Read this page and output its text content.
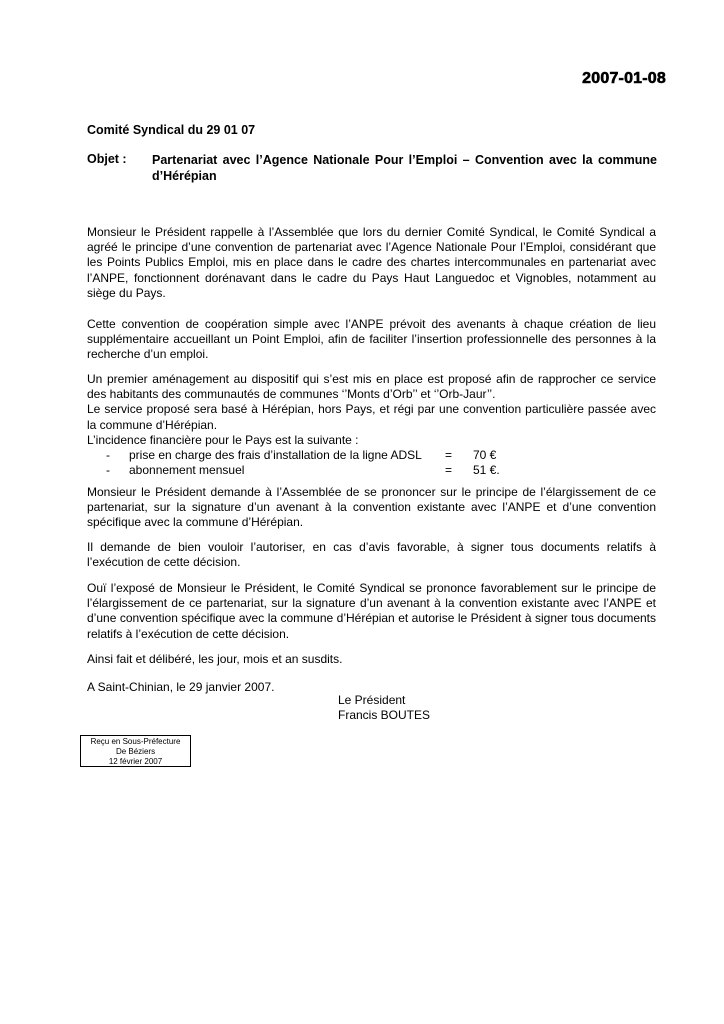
2007-01-08
Comité Syndical du 29 01 07
Objet : Partenariat avec l’Agence Nationale Pour l’Emploi – Convention avec la commune d’Hérépian
Monsieur le Président rappelle à l’Assemblée que lors du dernier Comité Syndical, le Comité Syndical a agréé le principe d’une convention de partenariat avec l’Agence Nationale Pour l’Emploi, considérant que les Points Publics Emploi, mis en place dans le cadre des chartes intercommunales en partenariat avec l’ANPE, fonctionnent dorénavant dans le cadre du Pays Haut Languedoc et Vignobles, notamment au siège du Pays.
Cette convention de coopération simple avec l’ANPE prévoit des avenants à chaque création de lieu supplémentaire accueillant un Point Emploi, afin de faciliter l’insertion professionnelle des personnes à la recherche d’un emploi.
Un premier aménagement au dispositif qui s’est mis en place est proposé afin de rapprocher ce service des habitants des communautés de communes ‘’Monts d’Orb’’ et ‘’Orb-Jaur’’.
Le service proposé sera basé à Hérépian, hors Pays, et régi par une convention particulière passée avec la commune d’Hérépian.
L’incidence financière pour le Pays est la suivante :
- prise en charge des frais d’installation de la ligne ADSL = 70 €
- abonnement mensuel	= 51 €.
Monsieur le Président demande à l’Assemblée de se prononcer sur le principe de l’élargissement de ce partenariat, sur la signature d’un avenant à la convention existante avec l’ANPE et d’une convention spécifique avec la commune d’Hérépian.
Il demande de bien vouloir l’autoriser, en cas d’avis favorable, à signer tous documents relatifs à l’exécution de cette décision.
Ouï l’exposé de Monsieur le Président, le Comité Syndical se prononce favorablement sur le principe de l’élargissement de ce partenariat, sur la signature d’un avenant à la convention existante avec l’ANPE et d’une convention spécifique avec la commune d’Hérépian et autorise le Président à signer tous documents relatifs à l’exécution de cette décision.
Ainsi fait et délibéré, les jour, mois et an susdits.
A Saint-Chinian, le 29 janvier 2007.
Le Président
Francis BOUTES
Reçu en Sous-Préfecture
De Béziers
12 février 2007
